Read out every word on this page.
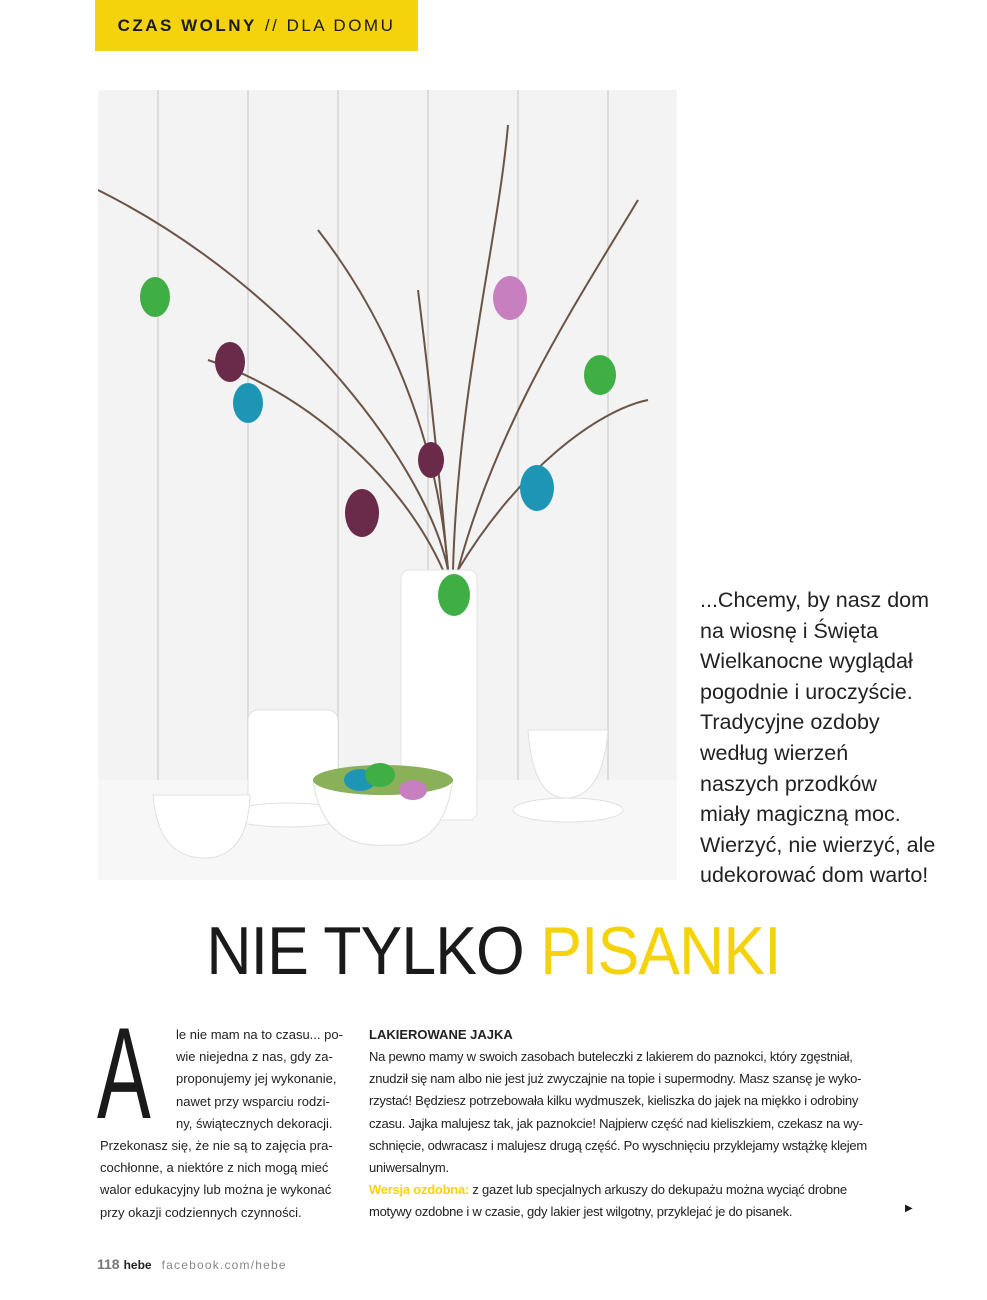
CZAS WOLNY //
DLA DOMU
...Chcemy, by nasz dom
na wiosnę i Święta
Wielkanocne wyglądał
pogodnie i uroczyście.
Tradycyjne ozdoby
według wierzeń
naszych przodków
miały magiczną moc.
Wierzyć, nie wierzyć, ale
udekorować dom warto!
NIE TYLKO PISANKI
A	le nie mam na to czasu... po-
wie niejedna z nas, gdy za-
proponujemy jej wykonanie,
nawet przy wsparciu rodzi-
ny, świątecznych dekoracji.
Przekonasz się, że nie są to zajęcia pra-
cochłonne, a niektóre z nich mogą mieć
walor edukacyjny lub można je wykonać
przy okazji codziennych czynności.
LAKIEROWANE JAJKA
Na pewno mamy w swoich zasobach buteleczki z lakierem do paznokci, który zgęstniał,
znudził się nam albo nie jest już zwyczajnie na topie i supermodny. Masz szansę je wyko-
rzystać! Będziesz potrzebowała kilku wydmuszek, kieliszka do jajek na miękko i odrobiny
czasu. Jajka malujesz tak, jak paznokcie! Najpierw część nad kieliszkiem, czekasz na wy-
schnięcie, odwracasz i malujesz drugą część. Po wyschnięciu przyklejamy wstążkę klejem
uniwersalnym.
Wersja ozdobna: z gazet lub specjalnych arkuszy do dekupażu można wyciąć drobne
motywy ozdobne i w czasie, gdy lakier jest wilgotny, przyklejać je do pisanek.	▶
118 hebe facebook.com/hebe
